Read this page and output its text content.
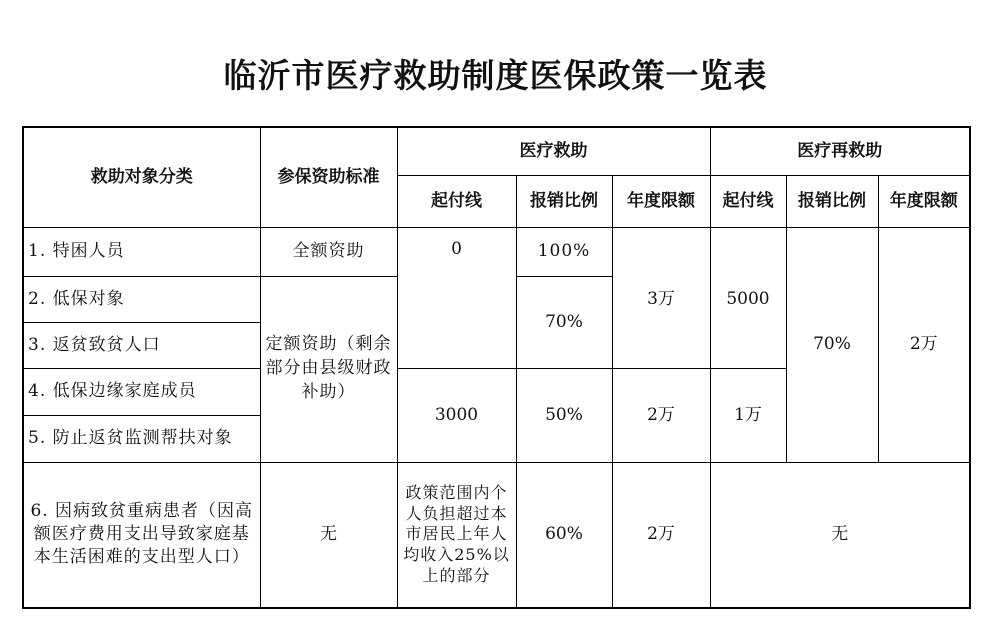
临沂市医疗救助制度医保政策一览表
救助对象分类	参保资助标准	医疗救助			医疗再救助		
		起付线	报销比例	年度限额	起付线	报销比例	年度限额
1. 特困人员	全额资助	0	100%	3万	5000	70%	2万
2. 低保对象	定额资助（剩余部分由县级财政补助）		70%				
3. 返贫致贫人口							
4. 低保边缘家庭成员		3000	50%	2万	1万		
5. 防止返贫监测帮扶对象							
6. 因病致贫重病患者（因高额医疗费用支出导致家庭基本生活困难的支出型人口）	无	政策范围内个人负担超过本市居民上年人均收入25%以上的部分	60%	2万	无		
